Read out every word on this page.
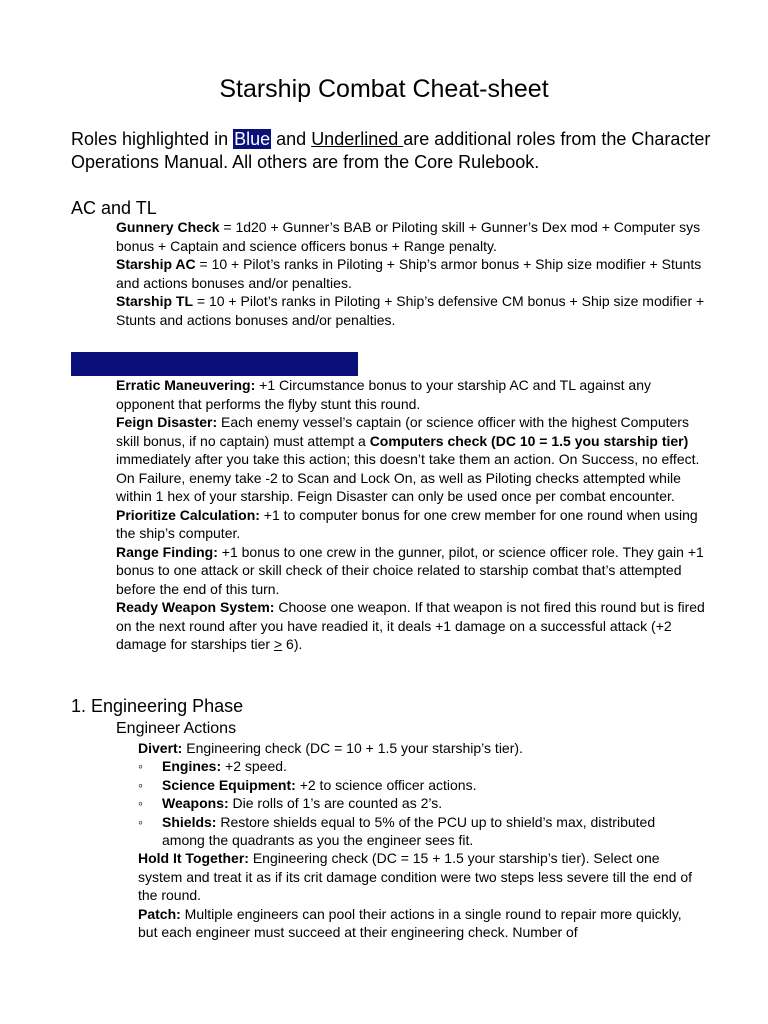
Starship Combat Cheat-sheet
Roles highlighted in Blue and Underlined are additional roles from the Character Operations Manual. All others are from the Core Rulebook.
AC and TL

Gunnery Check = 1d20 + Gunner’s BAB or Piloting skill + Gunner’s Dex mod + Computer sys bonus + Captain and science officers bonus + Range penalty.

Starship AC = 10 + Pilot’s ranks in Piloting + Ship’s armor bonus + Ship size modifier + Stunts and actions bonuses and/or penalties.

Starship TL = 10 + Pilot’s ranks in Piloting + Ship’s defensive CM bonus + Ship size modifier + Stunts and actions bonuses and/or penalties.

Open Crew Actions (Pre-Engineering)

Erratic Maneuvering: +1 Circumstance bonus to your starship AC and TL against any opponent that performs the flyby stunt this round.

Feign Disaster: Each enemy vessel’s captain (or science officer with the highest Computers skill bonus, if no captain) must attempt a Computers check (DC 10 = 1.5 you starship tier) immediately after you take this action; this doesn’t take them an action. On Success, no effect. On Failure, enemy take -2 to Scan and Lock On, as well as Piloting checks attempted while within 1 hex of your starship. Feign Disaster can only be used once per combat encounter.

Prioritize Calculation: +1 to computer bonus for one crew member for one round when using the ship’s computer.

Range Finding: +1 bonus to one crew in the gunner, pilot, or science officer role. They gain +1 bonus to one attack or skill check of their choice related to starship combat that’s attempted before the end of this turn.

Ready Weapon System: Choose one weapon. If that weapon is not fired this round but is fired on the next round after you have readied it, it deals +1 damage on a successful attack (+2 damage for starships tier > 6).

1. Engineering Phase
Engineer Actions

Divert: Engineering check (DC = 10 + 1.5 your starship’s tier).

◦ Engines: +2 speed.
◦ Science Equipment: +2 to science officer actions.
◦ Weapons: Die rolls of 1’s are counted as 2’s.
◦ Shields: Restore shields equal to 5% of the PCU up to shield’s max, distributed among the quadrants as you the engineer sees fit.

Hold It Together: Engineering check (DC = 15 + 1.5 your starship’s tier). Select one system and treat it as if its crit damage condition were two steps less severe till the end of the round.

Patch: Multiple engineers can pool their actions in a single round to repair more quickly, but each engineer must succeed at their engineering check. Number of
